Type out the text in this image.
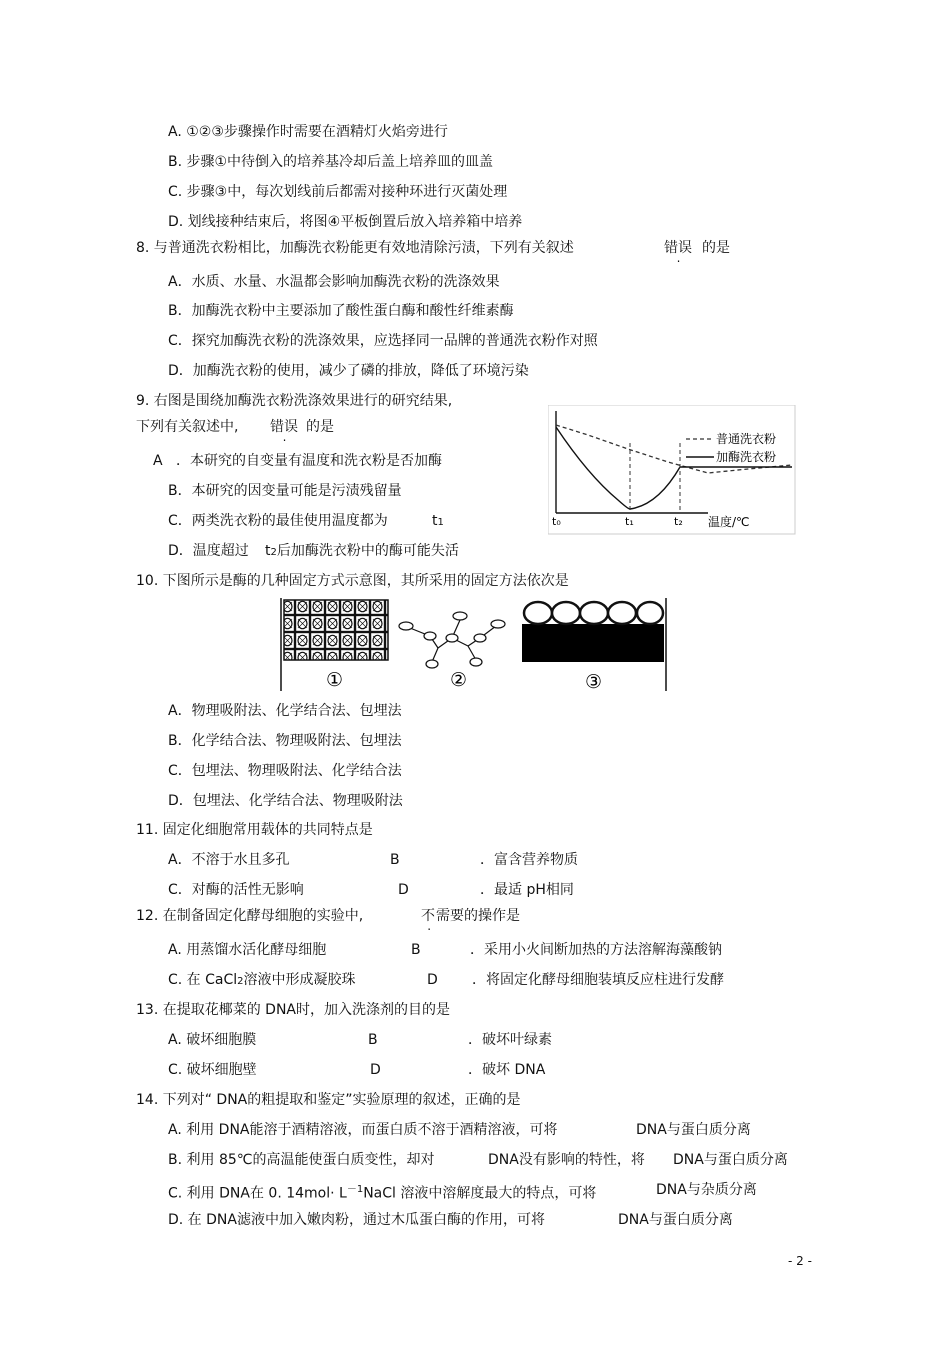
A. ①②③步骤操作时需要在酒精灯火焰旁进行
B. 步骤①中待倒入的培养基冷却后盖上培养皿的皿盖
C. 步骤③中，每次划线前后都需对接种环进行灭菌处理
D. 划线接种结束后，将图④平板倒置后放入培养箱中培养
8. 与普通洗衣粉相比，加酶洗衣粉能更有效地清除污渍，下列有关叙述	错误 . 的是
A．水质、水量、水温都会影响加酶洗衣粉的洗涤效果
B．加酶洗衣粉中主要添加了酸性蛋白酶和酸性纤维素酶
C．探究加酶洗衣粉的洗涤效果，应选择同一品牌的普通洗衣粉作对照
D．加酶洗衣粉的使用，减少了磷的排放，降低了环境污染
9. 右图是围绕加酶洗衣粉洗涤效果进行的研究结果,
下列有关叙述中, 错误 . 的是
A ．本研究的自变量有温度和洗衣粉是否加酶
B．本研究的因变量可能是污渍残留量
C．两类洗衣粉的最佳使用温度都为	t1
D．温度超过 t2后加酶洗衣粉中的酶可能失活
普通洗衣粉
加酶洗衣粉
t₀	t₁	t₂ 温度/℃
10. 下图所示是酶的几种固定方式示意图，其所采用的固定方法依次是
①	②	③
A．物理吸附法、化学结合法、包埋法
B．化学结合法、物理吸附法、包埋法
C．包埋法、物理吸附法、化学结合法
D．包埋法、化学结合法、物理吸附法
11. 固定化细胞常用载体的共同特点是
A．不溶于水且多孔	B	．富含营养物质
C．对酶的活性无影响	D	．最适 pH相同
12. 在制备固定化酵母细胞的实验中,	不 . 需要的操作是
A. 用蒸馏水活化酵母细胞	B	．采用小火间断加热的方法溶解海藻酸钠
C. 在 CaCl2溶液中形成凝胶珠	D ．将固定化酵母细胞装填反应柱进行发酵
13. 在提取花椰菜的 DNA时，加入洗涤剂的目的是
A. 破坏细胞膜	B	．破坏叶绿素
C. 破坏细胞壁	D	．破坏 DNA
14. 下列对“ DNA的粗提取和鉴定”实验原理的叙述，正确的是
A. 利用 DNA能溶于酒精溶液，而蛋白质不溶于酒精溶液，可将	DNA与蛋白质分离
B. 利用 85℃的高温能使蛋白质变性，却对	DNA没有影响的特性，将 DNA与蛋白质分离
C. 利用 DNA在 0. $14mol\cdot L^{-1}NaCl$ 溶液中溶解度最大的特点，可将	DNA与杂质分离
D. 在 DNA滤液中加入嫩肉粉，通过木瓜蛋白酶的作用，可将	DNA与蛋白质分离
- 2 -
